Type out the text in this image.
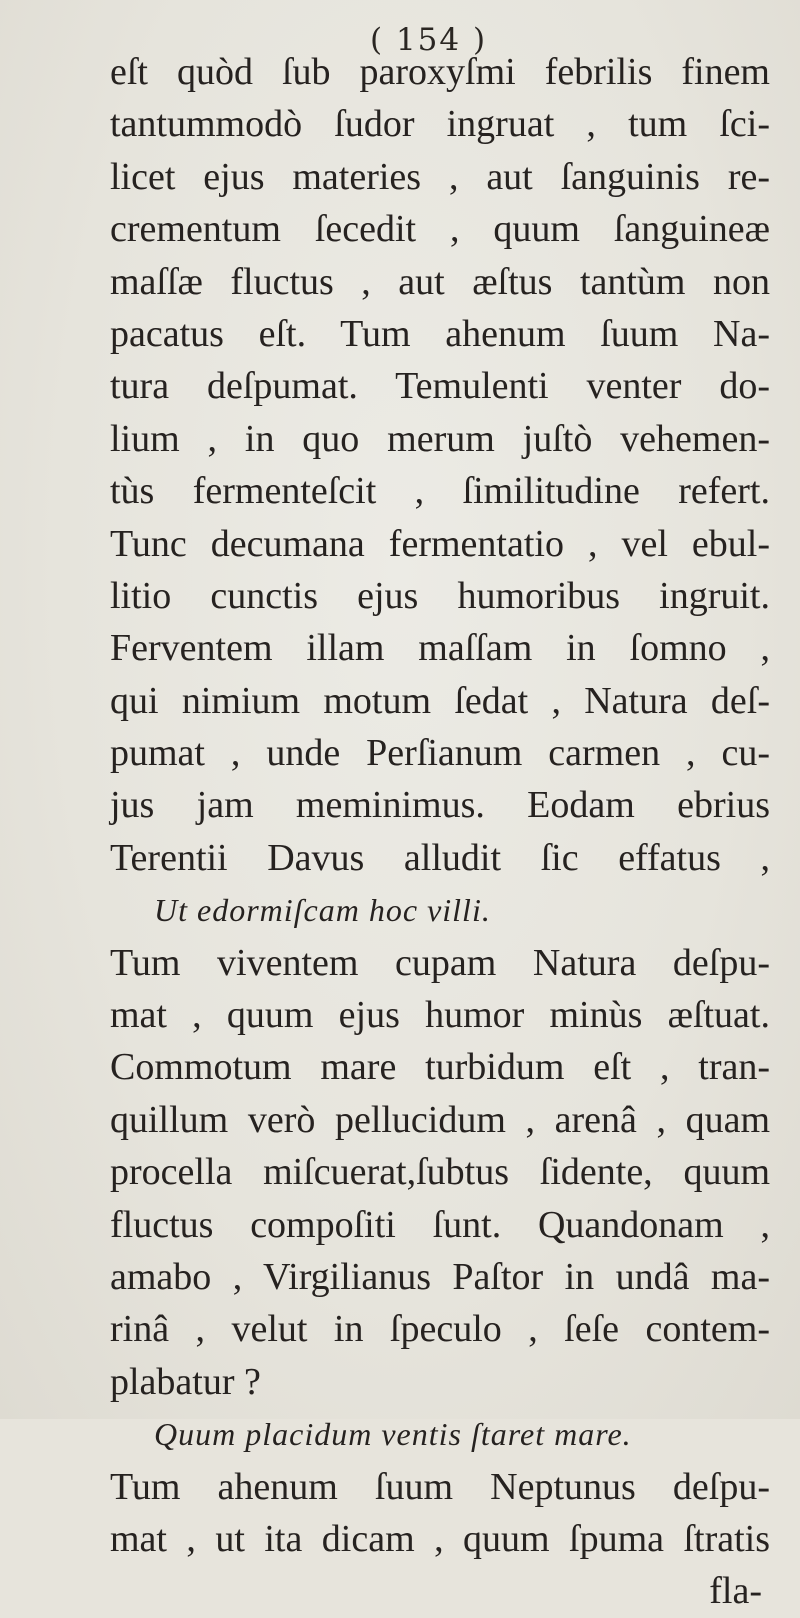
( 154 )
eſt quòd ſub paroxyſmi febrilis finem
tantummodò ſudor ingruat , tum ſci-
licet ejus materies , aut ſanguinis re-
crementum ſecedit , quum ſanguineæ
maſſæ fluctus , aut æſtus tantùm non
pacatus eſt. Tum ahenum ſuum Na-
tura deſpumat. Temulenti venter do-
lium , in quo merum juſtò vehemen-
tùs fermenteſcit , ſimilitudine refert.
Tunc decumana fermentatio , vel ebul-
litio cunctis ejus humoribus ingruit.
Ferventem illam maſſam in ſomno ,
qui nimium motum ſedat , Natura deſ-
pumat , unde Perſianum carmen , cu-
jus jam meminimus. Eodam ebrius
Terentii Davus alludit ſic effatus ,
Ut edormiſcam hoc villi.
Tum viventem cupam Natura deſpu-
mat , quum ejus humor minùs æſtuat.
Commotum mare turbidum eſt , tran-
quillum verò pellucidum , arenâ , quam
procella miſcuerat,ſubtus ſidente, quum
fluctus compoſiti ſunt. Quandonam ,
amabo , Virgilianus Paſtor in undâ ma-
rinâ , velut in ſpeculo , ſeſe contem-
plabatur ?
Quum placidum ventis ſtaret mare.
Tum ahenum ſuum Neptunus deſpu-
mat , ut ita dicam , quum ſpuma ſtratis
fla-
